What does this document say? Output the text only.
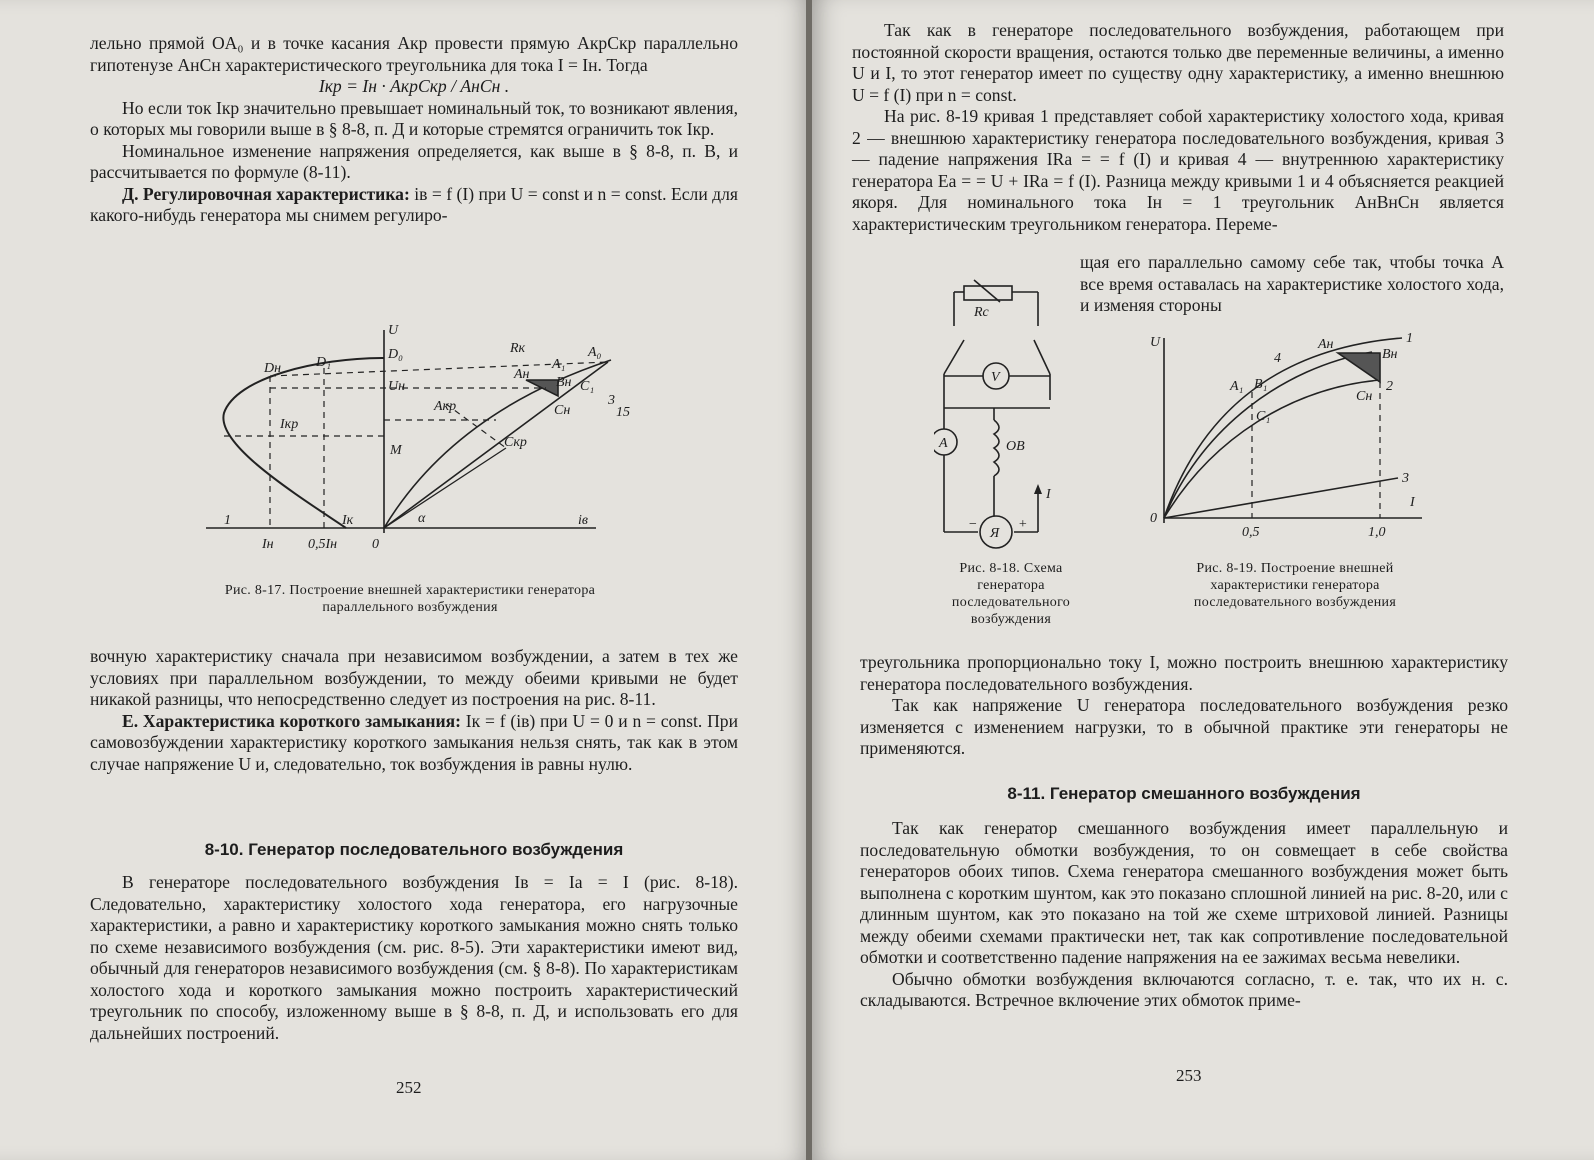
лельно прямой OA₀ и в точке касания Aкр провести прямую AкрCкр параллельно гипотенузе AнCн характеристического треугольника для тока I = Iн. Тогда

Iкр = Iн · AкрCкр / AнCн .

Но если ток Iкр значительно превышает номинальный ток, то возникают явления, о которых мы говорили выше в § 8-8, п. Д и которые стремятся ограничить ток Iкр.

Номинальное изменение напряжения определяется, как выше в § 8-8, п. В, и рассчитывается по формуле (8-11).

Д. Регулировочная характеристика: iв = f (I) при U = const и n = const. Если для какого-нибудь генератора мы снимем регулиро-

U
D₀
D₁
Dн
A₀
A₁
Aн
Bн C₁
Cн
Aкр
Cкр
Uн
Iкр
M
Rк
α
1
Iн 0,5Iн 0
Iк	iв
3
15

Рис. 8-17. Построение внешней характеристики генератора параллельного возбуждения

вочную характеристику сначала при независимом возбуждении, а затем в тех же условиях при параллельном возбуждении, то между обеими кривыми не будет никакой разницы, что непосредственно следует из построения на рис. 8-11.

Е. Характеристика короткого замыкания: Iк = f (iв) при U = 0 и n = const. При самовозбуждении характеристику короткого замыкания нельзя снять, так как в этом случае напряжение U и, следовательно, ток возбуждения iв равны нулю.

8-10. Генератор последовательного возбуждения

В генераторе последовательного возбуждения Iв = Ia = I (рис. 8-18). Следовательно, характеристику холостого хода генератора, его нагрузочные характеристики, а равно и характеристику короткого замыкания можно снять только по схеме независимого возбуждения (см. рис. 8-5). Эти характеристики имеют вид, обычный для генераторов независимого возбуждения (см. § 8-8). По характеристикам холостого хода и короткого замыкания можно построить характеристический треугольник по способу, изложенному выше в § 8-8, п. Д, и использовать его для дальнейших построений.

252

Так как в генераторе последовательного возбуждения, работающем при постоянной скорости вращения, остаются только две переменные величины, а именно U и I, то этот генератор имеет по существу одну характеристику, а именно внешнюю U = f (I) при n = const.

На рис. 8-19 кривая 1 представляет собой характеристику холостого хода, кривая 2 — внешнюю характеристику генератора последовательного возбуждения, кривая 3 — падение напряжения IRa = = f (I) и кривая 4 — внутреннюю характеристику генератора Ea = = U + IRa = f (I). Разница между кривыми 1 и 4 объясняется реакцией якоря. Для номинального тока Iн = 1 треугольник AнBнCн является характеристическим треугольником генератора. Переме-

щая его параллельно самому себе так, чтобы точка A все время оставалась на характеристике холостого хода, и изменяя стороны

Rc
V
A	ОВ
Я
−	+
I
U
I
0
0,5	1,0
1
2
3
4
Aн
Bн
Cн
A₁ B₁
C₁

Рис. 8-18. Схема генератора последовательного возбуждения

Рис. 8-19. Построение внешней характеристики генератора последовательного возбуждения

треугольника пропорционально току I, можно построить внешнюю характеристику генератора последовательного возбуждения.

Так как напряжение U генератора последовательного возбуждения резко изменяется с изменением нагрузки, то в обычной практике эти генераторы не применяются.

8-11. Генератор смешанного возбуждения

Так как генератор смешанного возбуждения имеет параллельную и последовательную обмотки возбуждения, то он совмещает в себе свойства генераторов обоих типов. Схема генератора смешанного возбуждения может быть выполнена с коротким шунтом, как это показано сплошной линией на рис. 8-20, или с длинным шунтом, как это показано на той же схеме штриховой линией. Разницы между обеими схемами практически нет, так как сопротивление последовательной обмотки и соответственно падение напряжения на ее зажимах весьма невелики.

Обычно обмотки возбуждения включаются согласно, т. е. так, что их н. с. складываются. Встречное включение этих обмоток приме-

253
